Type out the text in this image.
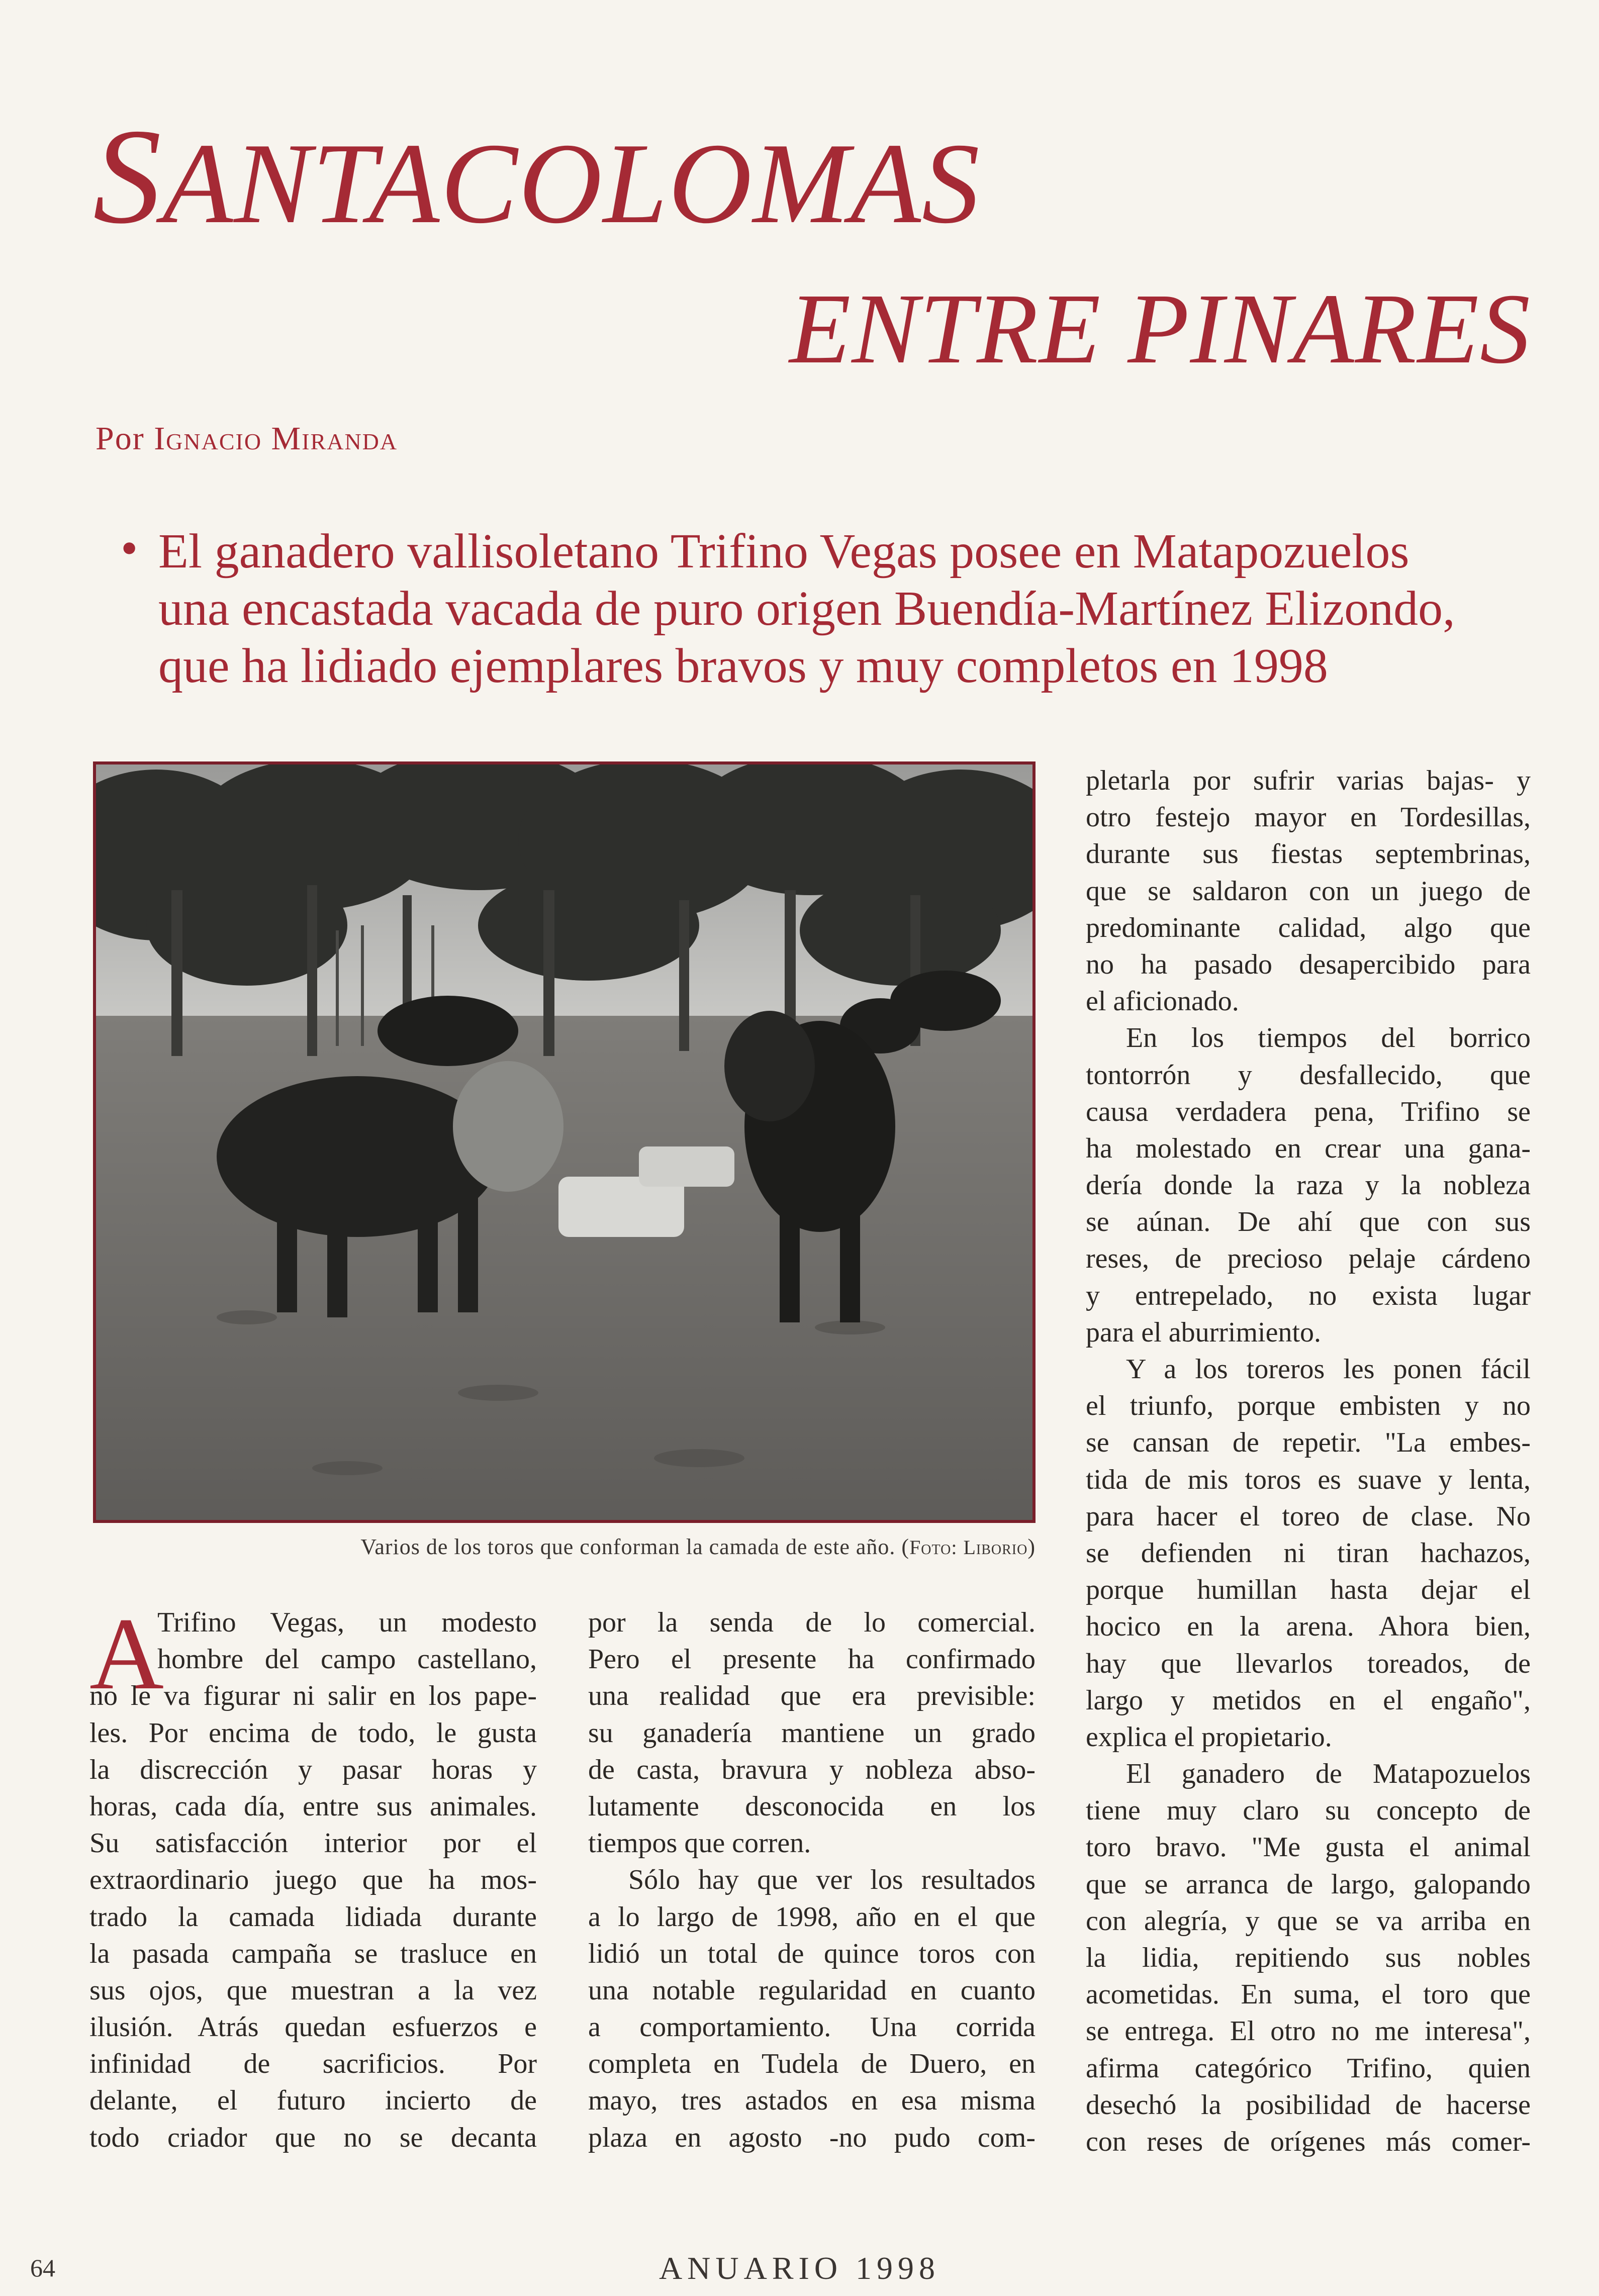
SANTACOLOMAS
ENTRE PINARES
Por Ignacio Miranda
• El ganadero vallisoletano Trifino Vegas posee en Matapozuelos
una encastada vacada de puro origen Buendía-Martínez Elizondo,
que ha lidiado ejemplares bravos y muy completos en 1998
Varios de los toros que conforman la camada de este año. (Foto: Liborio)
A
Trifino Vegas, un modesto
hombre del campo castellano,
no le va figurar ni salir en los pape-
les. Por encima de todo, le gusta
la discrección y pasar horas y
horas, cada día, entre sus animales.
Su satisfacción interior por el
extraordinario juego que ha mos-
trado la camada lidiada durante
la pasada campaña se trasluce en
sus ojos, que muestran a la vez
ilusión. Atrás quedan esfuerzos e
infinidad de sacrificios. Por
delante, el futuro incierto de
todo criador que no se decanta
por la senda de lo comercial.
Pero el presente ha confirmado
una realidad que era previsible:
su ganadería mantiene un grado
de casta, bravura y nobleza abso-
lutamente desconocida en los
tiempos que corren.
Sólo hay que ver los resultados
a lo largo de 1998, año en el que
lidió un total de quince toros con
una notable regularidad en cuanto
a comportamiento. Una corrida
completa en Tudela de Duero, en
mayo, tres astados en esa misma
plaza en agosto -no pudo com-
pletarla por sufrir varias bajas- y
otro festejo mayor en Tordesillas,
durante sus fiestas septembrinas,
que se saldaron con un juego de
predominante calidad, algo que
no ha pasado desapercibido para
el aficionado.
En los tiempos del borrico
tontorrón y desfallecido, que
causa verdadera pena, Trifino se
ha molestado en crear una gana-
dería donde la raza y la nobleza
se aúnan. De ahí que con sus
reses, de precioso pelaje cárdeno
y entrepelado, no exista lugar
para el aburrimiento.
Y a los toreros les ponen fácil
el triunfo, porque embisten y no
se cansan de repetir. "La embes-
tida de mis toros es suave y lenta,
para hacer el toreo de clase. No
se defienden ni tiran hachazos,
porque humillan hasta dejar el
hocico en la arena. Ahora bien,
hay que llevarlos toreados, de
largo y metidos en el engaño",
explica el propietario.
El ganadero de Matapozuelos
tiene muy claro su concepto de
toro bravo. "Me gusta el animal
que se arranca de largo, galopando
con alegría, y que se va arriba en
la lidia, repitiendo sus nobles
acometidas. En suma, el toro que
se entrega. El otro no me interesa",
afirma categórico Trifino, quien
desechó la posibilidad de hacerse
con reses de orígenes más comer-
64	ANUARIO 1998
